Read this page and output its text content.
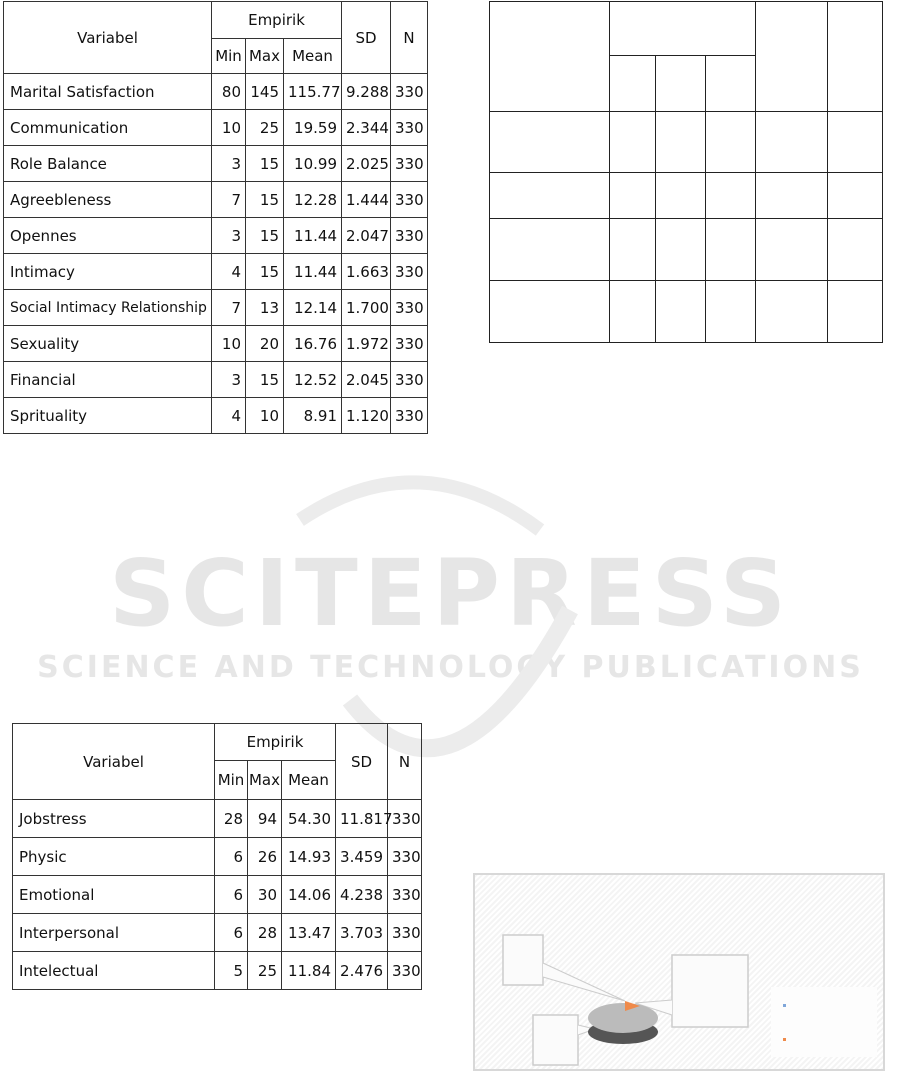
SCITEPRESS
SCIENCE AND TECHNOLOGY PUBLICATIONS
Variabel	Empirik			SD	N
	Min	Max	Mean		
Marital Satisfaction	80	145	115.77	9.288	330
Communication	10	25	19.59	2.344	330
Role Balance	3	15	10.99	2.025	330
Agreebleness	7	15	12.28	1.444	330
Opennes	3	15	11.44	2.047	330
Intimacy	4	15	11.44	1.663	330
Social Intimacy Relationship	7	13	12.14	1.700	330
Sexuality	10	20	16.76	1.972	330
Financial	3	15	12.52	2.045	330
Sprituality	4	10	8.91	1.120	330

Variabel	Empirik			SD	N
	Min	Max	Mean		
Jobstress	28	94	54.30	11.817	330
Physic	6	26	14.93	3.459	330
Emotional	6	30	14.06	4.238	330
Interpersonal	6	28	13.47	3.703	330
Intelectual	5	25	11.84	2.476	330
